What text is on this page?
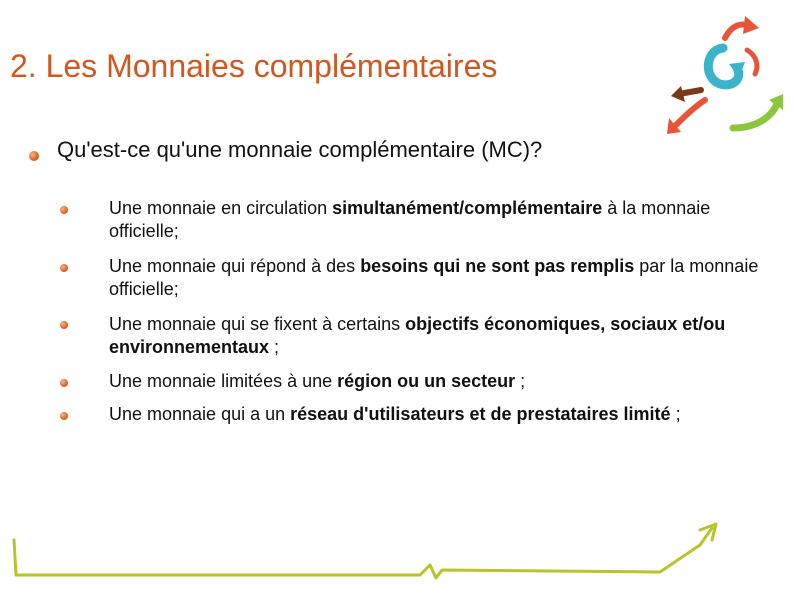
2. Les Monnaies complémentaires
Qu'est-ce qu'une monnaie complémentaire (MC)?
Une monnaie en circulation simultanément/complémentaire à la monnaie officielle;
Une monnaie qui répond à des besoins qui ne sont pas remplis par la monnaie officielle;
Une monnaie qui se fixent à certains objectifs économiques, sociaux et/ou environnementaux ;
Une monnaie limitées à une région ou un secteur ;
Une monnaie qui a un réseau d'utilisateurs et de prestataires limité ;
